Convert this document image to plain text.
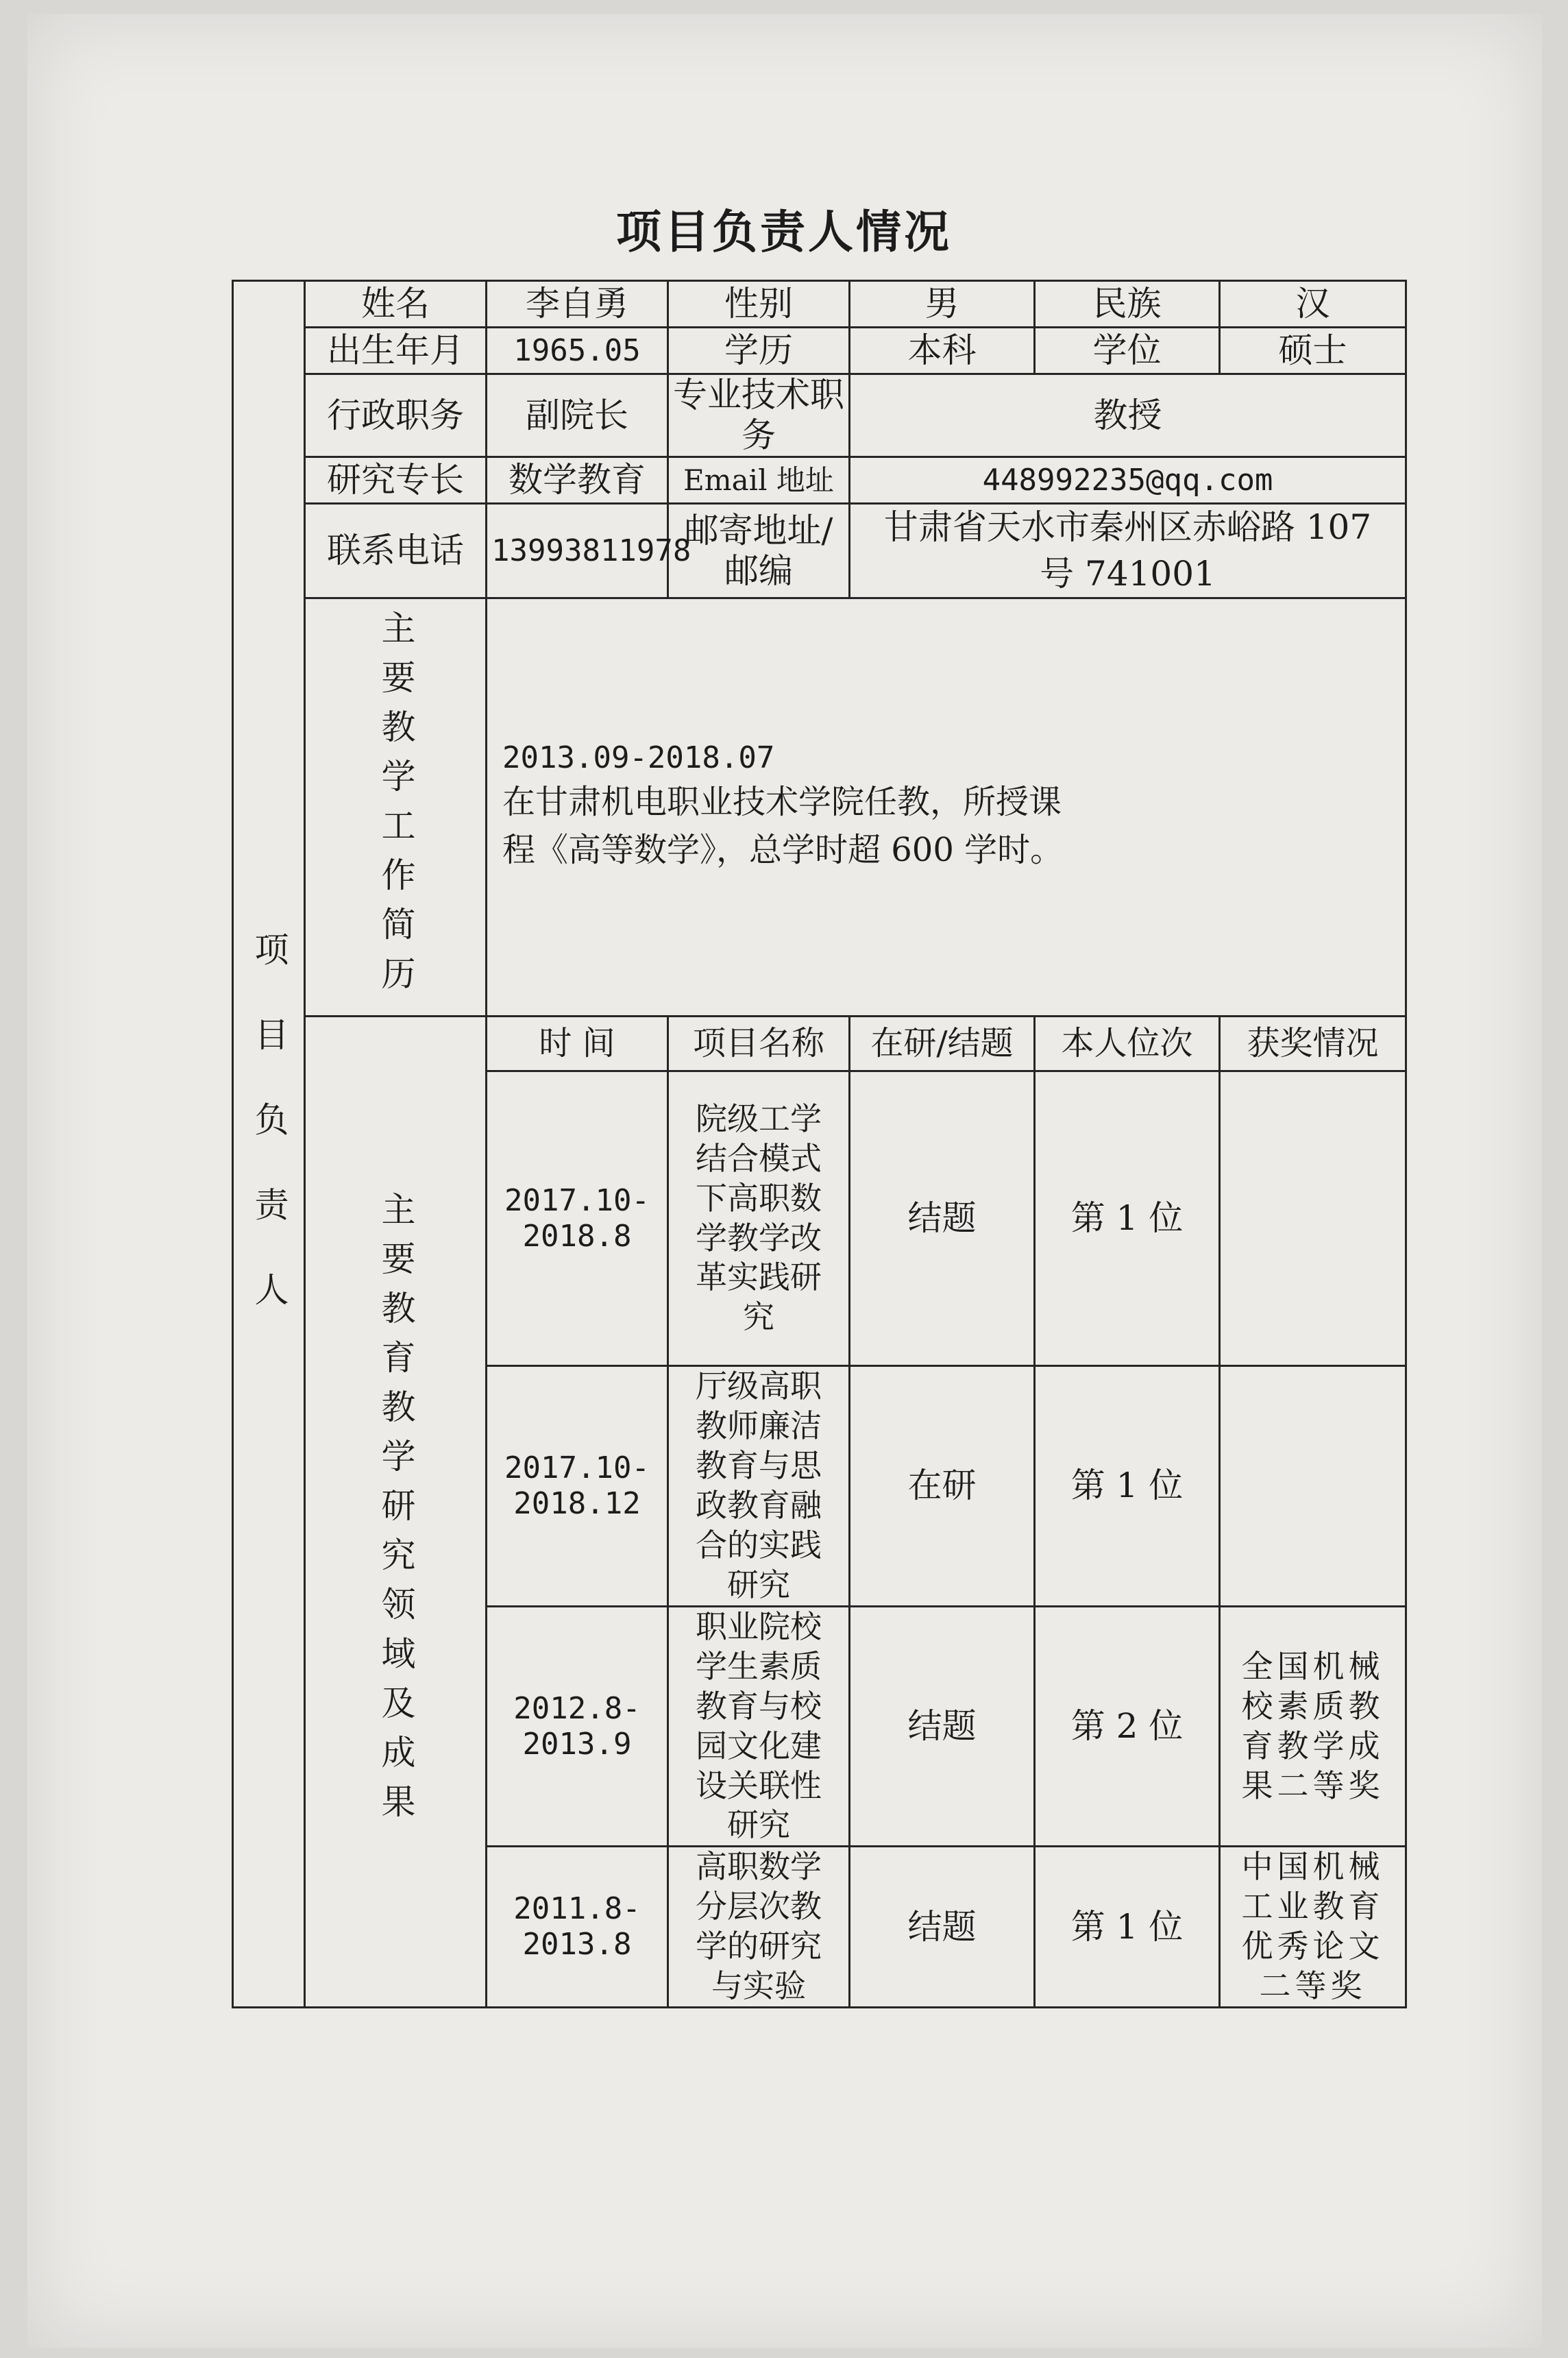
项目负责人情况
项目负责人	姓名	李自勇	性别	男	民族	汉
	出生年月	1965.05	学历	本科	学位	硕士
	行政职务	副院长	专业技术职务	教授		
	研究专长	数学教育	Email 地址	448992235@qq.com		
	联系电话	13993811978	邮寄地址/邮编	甘肃省天水市秦州区赤峪路 107 号 741001		
	主要教学工作简历	2013.09-2018.07在甘肃机电职业技术学院任教，所授课程《高等数学》，总学时超 600 学时。				
	主要教育教学研究领域及成果	时 间	项目名称	在研/结题	本人位次	获奖情况
		2017.10-2018.8	院级工学结合模式下高职数学教学改革实践研究	结题	第 1 位	
		2017.10-2018.12	厅级高职教师廉洁教育与思政教育融合的实践研究	在研	第 1 位	
		2012.8-2013.9	职业院校学生素质教育与校园文化建设关联性研究	结题	第 2 位	全国机械校素质教育教学成果二等奖
		2011.8-2013.8	高职数学分层次教学的研究与实验	结题	第 1 位	中国机械工业教育优秀论文二等奖
